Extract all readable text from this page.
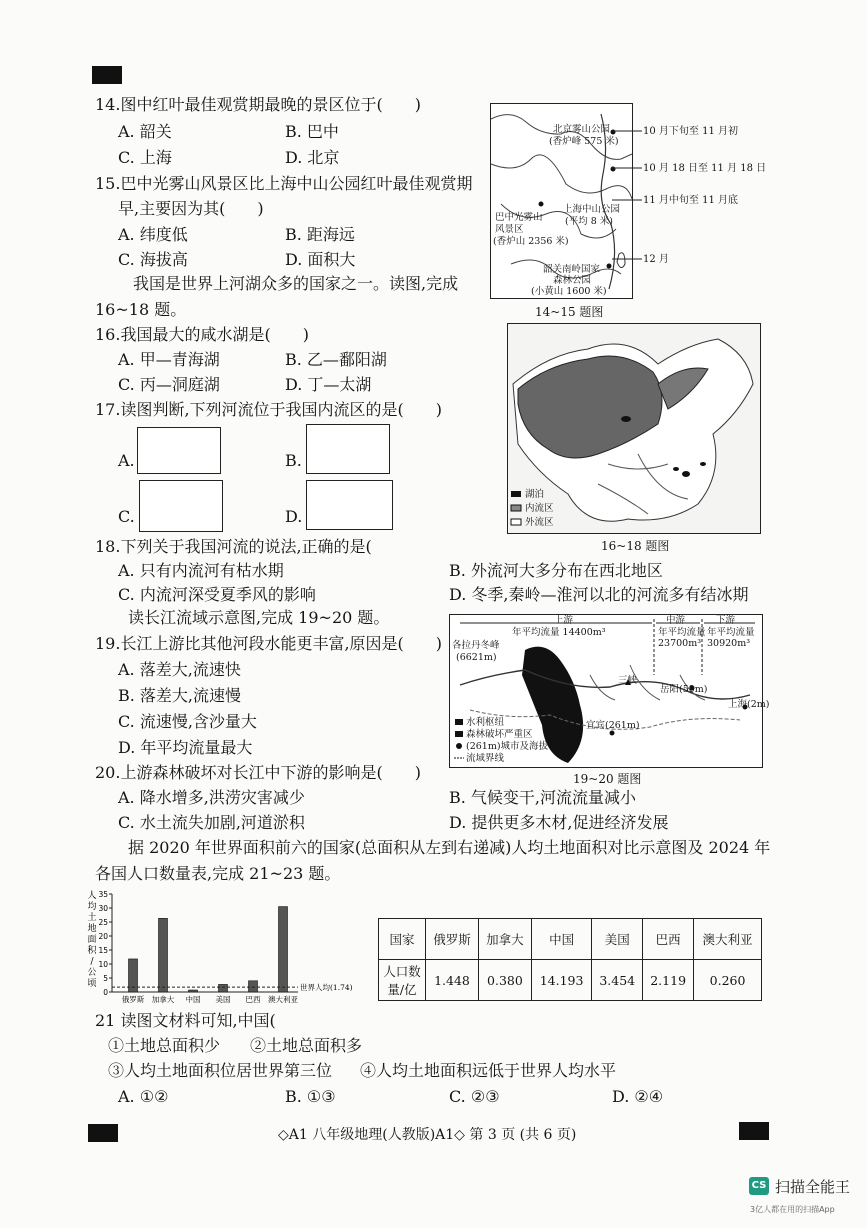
14.图中红叶最佳观赏期最晚的景区位于(　　)
A. 韶关	B. 巴中
C. 上海	D. 北京
15.巴中光雾山风景区比上海中山公园红叶最佳观赏期
早,主要因为其(　　)
A. 纬度低	B. 距海远
C. 海拔高	D. 面积大
我国是世界上河湖众多的国家之一。读图,完成
16~18 题。
北京雾山公园
(香炉峰 575 米)
巴中光雾山
风景区
(香炉山 2356 米)
上海中山公园
(平均 8 米)
韶关南岭国家
森林公园
(小黄山 1600 米)
10 月下旬至 11 月初
10 月 18 日至 11 月 18 日
11 月中旬至 11 月底
12 月
14~15 题图
16.我国最大的咸水湖是(　　)
A. 甲—青海湖	B. 乙—鄱阳湖
C. 丙—洞庭湖	D. 丁—太湖
17.读图判断,下列河流位于我国内流区的是(　　)
A.	B.
C.	D.
湖泊
内流区
外流区
16~18 题图
18.下列关于我国河流的说法,正确的是(
A. 只有内流河有枯水期	B. 外流河大多分布在西北地区
C. 内流河深受夏季风的影响	D. 冬季,秦岭—淮河以北的河流多有结冰期
读长江流域示意图,完成 19~20 题。	上游	中游	下游
年平均流量 14400m³	年平均流量
23700m³
年平均流量
30920m³
各拉丹冬峰
(6621m)
三峡
岳阳(59m)
上海(2m)
宜宾(261m)
水利枢纽
森林破坏严重区
(261m)城市及海拔
流域界线
19~20 题图
19.长江上游比其他河段水能更丰富,原因是(　　)
A. 落差大,流速快
B. 落差大,流速慢
C. 流速慢,含沙量大
D. 年平均流量最大
20.上游森林破坏对长江中下游的影响是(　　)
A. 降水增多,洪涝灾害减少	B. 气候变干,河流流量减小
C. 水土流失加剧,河道淤积	D. 提供更多木材,促进经济发展
据 2020 年世界面积前六的国家(总面积从左到右递减)人均土地面积对比示意图及 2024 年
各国人口数量表,完成 21~23 题。
人
均
土
地
面
积
/
公
顷
0
5
10
15
20
25
30
35
俄罗斯 加拿大 中国 美国 巴西 澳大利亚
世界人均(1.74)
国家	俄罗斯	加拿大	中国	美国	巴西	澳大利亚
人口数量/亿	1.448	0.380	14.193	3.454	2.119	0.260
21 读图文材料可知,中国(
①土地总面积少 ②土地总面积多
③人均土地面积位居世界第三位 ④人均土地面积远低于世界人均水平
A. ①②	B. ①③	C. ②③	D. ②④
◇A1 八年级地理(人教版)A1◇ 第 3 页 (共 6 页)
CS 扫描全能王
3亿人都在用的扫描App
